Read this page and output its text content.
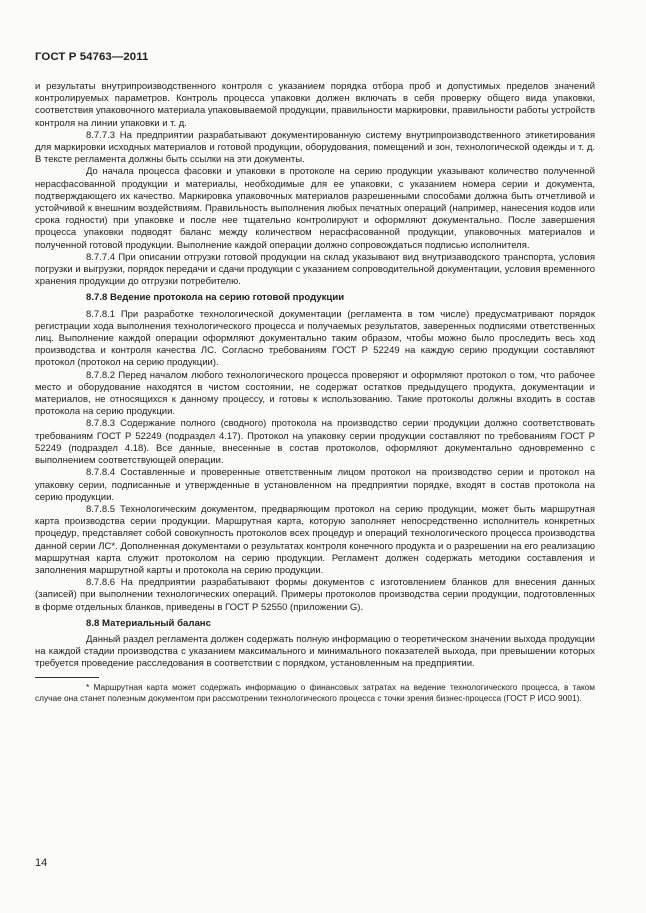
ГОСТ Р 54763—2011

и результаты внутрипроизводственного контроля с указанием порядка отбора проб и допустимых пределов значений контролируемых параметров. Контроль процесса упаковки должен включать в себя проверку общего вида упаковки, соответствия упаковочного материала упаковываемой продукции, правильности маркировки, правильности работы устройств контроля на линии упаковки и т. д.

8.7.7.3 На предприятии разрабатывают документированную систему внутрипроизводственного этикетирования для маркировки исходных материалов и готовой продукции, оборудования, помещений и зон, технологической одежды и т. д. В тексте регламента должны быть ссылки на эти документы.

До начала процесса фасовки и упаковки в протоколе на серию продукции указывают количество полученной нерасфасованной продукции и материалы, необходимые для ее упаковки, с указанием номера серии и документа, подтверждающего их качество. Маркировка упаковочных материалов разрешенными способами должна быть отчетливой и устойчивой к внешним воздействиям. Правильность выполнения любых печатных операций (например, нанесения кодов или срока годности) при упаковке и после нее тщательно контролируют и оформляют документально. После завершения процесса упаковки подводят баланс между количеством нерасфасованной продукции, упаковочных материалов и полученной готовой продукции. Выполнение каждой операции должно сопровождаться подписью исполнителя.

8.7.7.4 При описании отгрузки готовой продукции на склад указывают вид внутризаводского транспорта, условия погрузки и выгрузки, порядок передачи и сдачи продукции с указанием сопроводительной документации, условия временного хранения продукции до отгрузки потребителю.

8.7.8 Ведение протокола на серию готовой продукции

8.7.8.1 При разработке технологической документации (регламента в том числе) предусматривают порядок регистрации хода выполнения технологического процесса и получаемых результатов, заверенных подписями ответственных лиц. Выполнение каждой операции оформляют документально таким образом, чтобы можно было проследить весь ход производства и контроля качества ЛС. Согласно требованиям ГОСТ Р 52249 на каждую серию продукции составляют протокол (протокол на серию продукции).

8.7.8.2 Перед началом любого технологического процесса проверяют и оформляют протокол о том, что рабочее место и оборудование находятся в чистом состоянии, не содержат остатков предыдущего продукта, документации и материалов, не относящихся к данному процессу, и готовы к использованию. Такие протоколы должны входить в состав протокола на серию продукции.

8.7.8.3 Содержание полного (сводного) протокола на производство серии продукции должно соответствовать требованиям ГОСТ Р 52249 (подраздел 4.17). Протокол на упаковку серии продукции составляют по требованиям ГОСТ Р 52249 (подраздел 4.18). Все данные, внесенные в состав протоколов, оформляют документально одновременно с выполнением соответствующей операции.

8.7.8.4 Составленные и проверенные ответственным лицом протокол на производство серии и протокол на упаковку серии, подписанные и утвержденные в установленном на предприятии порядке, входят в состав протокола на серию продукции.

8.7.8.5 Технологическим документом, предваряющим протокол на серию продукции, может быть маршрутная карта производства серии продукции. Маршрутная карта, которую заполняет непосредственно исполнитель конкретных процедур, представляет собой совокупность протоколов всех процедур и операций технологического процесса производства данной серии ЛС*. Дополненная документами о результатах контроля конечного продукта и о разрешении на его реализацию маршрутная карта служит протоколом на серию продукции. Регламент должен содержать методики составления и заполнения маршрутной карты и протокола на серию продукции.

8.7.8.6 На предприятии разрабатывают формы документов с изготовлением бланков для внесения данных (записей) при выполнении технологических операций. Примеры протоколов производства серии продукции, подготовленных в форме отдельных бланков, приведены в ГОСТ Р 52550 (приложении G).

8.8 Материальный баланс

Данный раздел регламента должен содержать полную информацию о теоретическом значении выхода продукции на каждой стадии производства с указанием максимального и минимального показателей выхода, при превышении которых требуется проведение расследования в соответствии с порядком, установленным на предприятии.

* Маршрутная карта может содержать информацию о финансовых затратах на ведение технологического процесса, в таком случае она станет полезным документом при рассмотрении технологического процесса с точки зрения бизнес-процесса (ГОСТ Р ИСО 9001).

14
